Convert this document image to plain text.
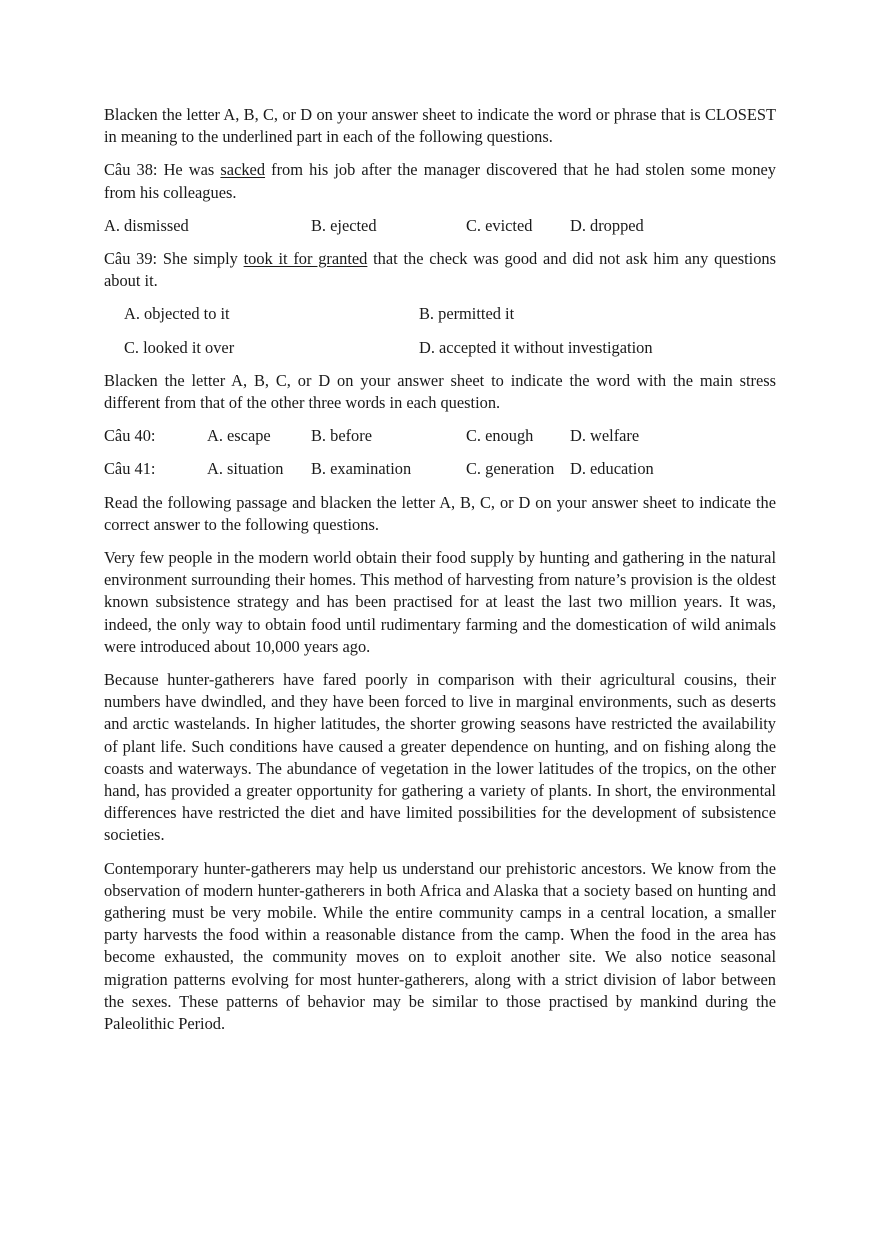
Blacken the letter A, B, C, or D on your answer sheet to indicate the word or phrase that is CLOSEST in meaning to the underlined part in each of the following questions.

Câu 38: He was sacked from his job after the manager discovered that he had stolen some money from his colleagues.

A. dismissed	B. ejected	C. evicted D. dropped

Câu 39: She simply took it for granted that the check was good and did not ask him any questions about it.

A. objected to it	B. permitted it
C. looked it over	D. accepted it without investigation

Blacken the letter A, B, C, or D on your answer sheet to indicate the word with the main stress different from that of the other three words in each question.

Câu 40:	A. escape B. before	C. enough D. welfare
Câu 41:	A. situation B. examination	C. generation D. education

Read the following passage and blacken the letter A, B, C, or D on your answer sheet to indicate the correct answer to the following questions.

Very few people in the modern world obtain their food supply by hunting and gathering in the natural environment surrounding their homes. This method of harvesting from nature’s provision is the oldest known subsistence strategy and has been practised for at least the last two million years. It was, indeed, the only way to obtain food until rudimentary farming and the domestication of wild animals were introduced about 10,000 years ago.

Because hunter-gatherers have fared poorly in comparison with their agricultural cousins, their numbers have dwindled, and they have been forced to live in marginal environments, such as deserts and arctic wastelands. In higher latitudes, the shorter growing seasons have restricted the availability of plant life. Such conditions have caused a greater dependence on hunting, and on fishing along the coasts and waterways. The abundance of vegetation in the lower latitudes of the tropics, on the other hand, has provided a greater opportunity for gathering a variety of plants. In short, the environmental differences have restricted the diet and have limited possibilities for the development of subsistence societies.

Contemporary hunter-gatherers may help us understand our prehistoric ancestors. We know from the observation of modern hunter-gatherers in both Africa and Alaska that a society based on hunting and gathering must be very mobile. While the entire community camps in a central location, a smaller party harvests the food within a reasonable distance from the camp. When the food in the area has become exhausted, the community moves on to exploit another site. We also notice seasonal migration patterns evolving for most hunter-gatherers, along with a strict division of labor between the sexes. These patterns of behavior may be similar to those practised by mankind during the Paleolithic Period.
